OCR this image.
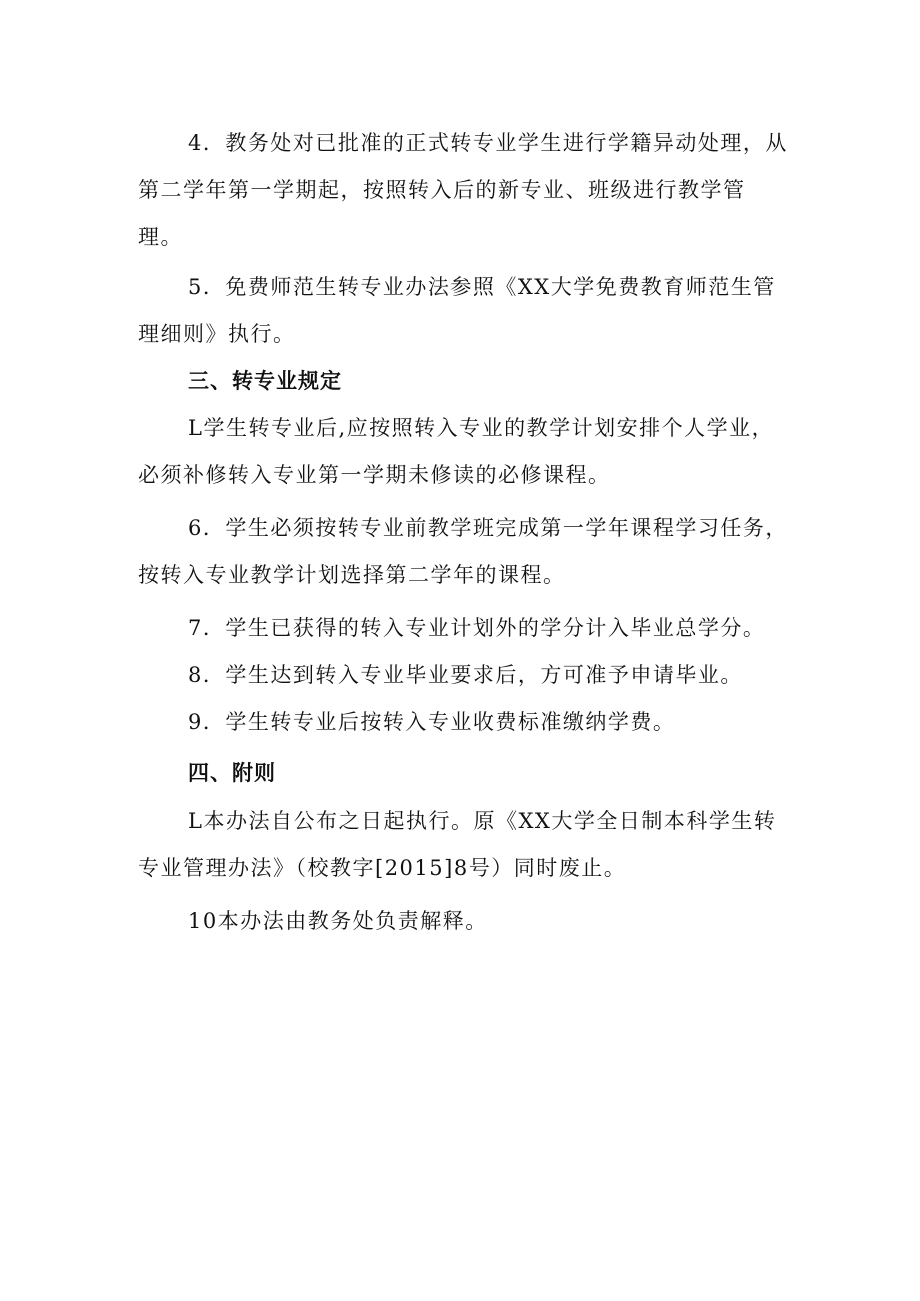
4．教务处对已批准的正式转专业学生进行学籍异动处理，从第二学年第一学期起，按照转入后的新专业、班级进行教学管理。

5．免费师范生转专业办法参照《XX大学免费教育师范生管理细则》执行。

三、转专业规定

L学生转专业后,应按照转入专业的教学计划安排个人学业，必须补修转入专业第一学期未修读的必修课程。

6．学生必须按转专业前教学班完成第一学年课程学习任务，按转入专业教学计划选择第二学年的课程。

7．学生已获得的转入专业计划外的学分计入毕业总学分。

8．学生达到转入专业毕业要求后，方可准予申请毕业。

9．学生转专业后按转入专业收费标准缴纳学费。

四、附则

L本办法自公布之日起执行。原《XX大学全日制本科学生转专业管理办法》（校教字[2015]8号）同时废止。

10本办法由教务处负责解释。
